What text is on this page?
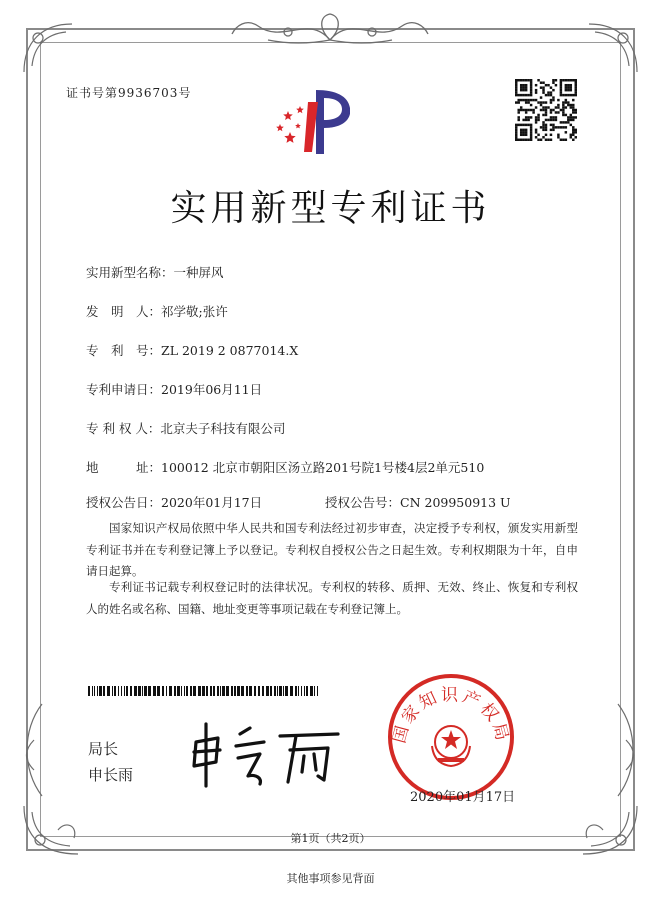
证书号第9936703号
实用新型专利证书
实用新型名称：一种屏风
发　明　人：祁学敬;张许
专　利　号：ZL 2019 2 0877014.X
专利申请日：2019年06月11日
专 利 权 人：北京夫子科技有限公司
地　　　址：100012 北京市朝阳区汤立路201号院1号楼4层2单元510
授权公告日：2020年01月17日	授权公告号：CN 209950913 U

国家知识产权局依照中华人民共和国专利法经过初步审查，决定授予专利权，颁发实用新型专利证书并在专利登记簿上予以登记。专利权自授权公告之日起生效。专利权期限为十年，自申请日起算。

专利证书记载专利权登记时的法律状况。专利权的转移、质押、无效、终止、恢复和专利权人的姓名或名称、国籍、地址变更等事项记载在专利登记簿上。

局长
申长雨
国家知识产权局
2020年01月17日
第1页（共2页）
其他事项参见背面
